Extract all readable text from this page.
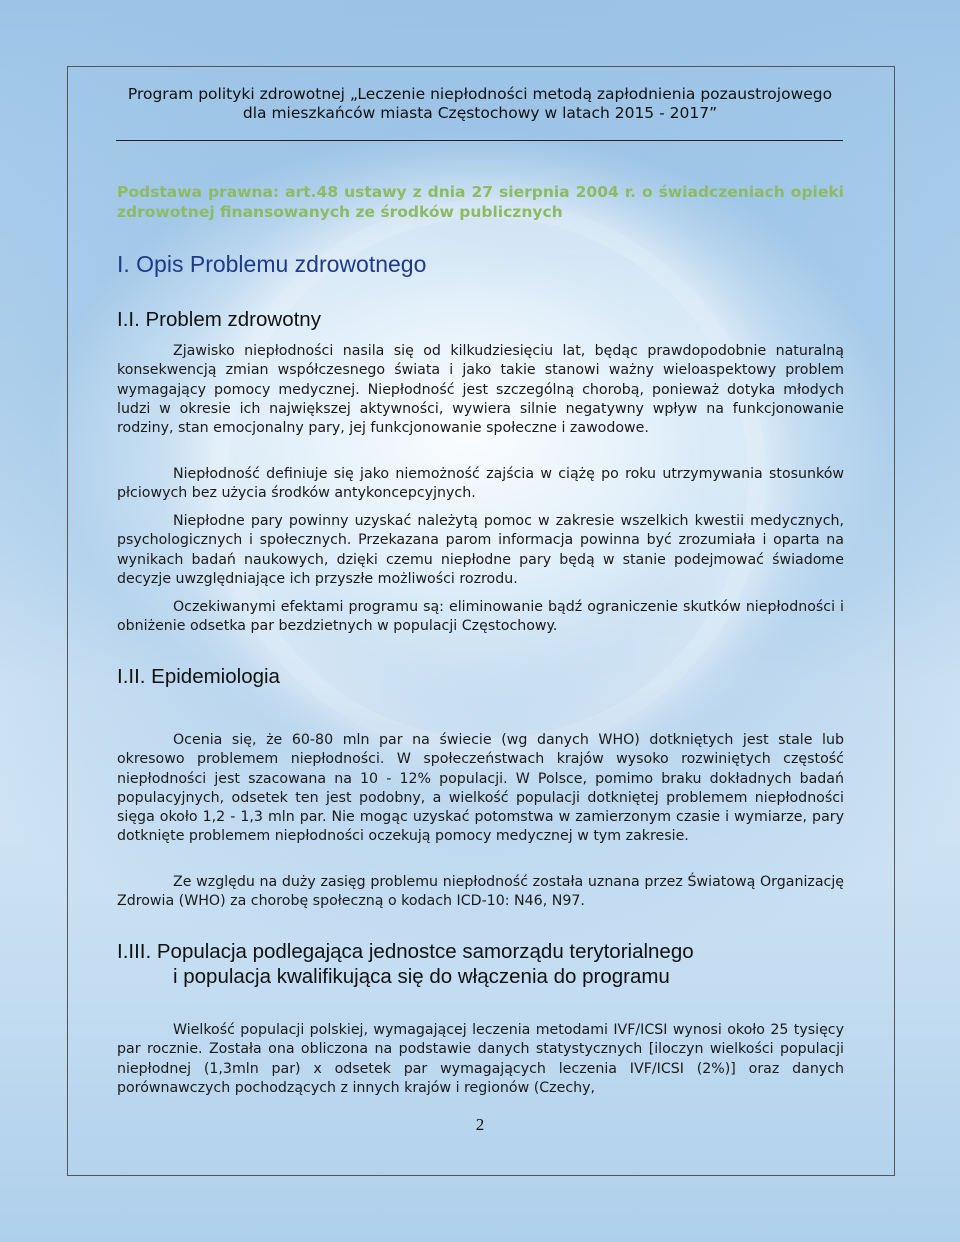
Program polityki zdrowotnej „Leczenie niepłodności metodą zapłodnienia pozaustrojowego
dla mieszkańców miasta Częstochowy w latach 2015 - 2017”

Podstawa prawna: art.48 ustawy z dnia 27 sierpnia 2004 r. o świadczeniach opieki zdrowotnej finansowanych ze środków publicznych

I. Opis Problemu zdrowotnego
I.I. Problem zdrowotny

Zjawisko niepłodności nasila się od kilkudziesięciu lat, będąc prawdopodobnie naturalną konsekwencją zmian współczesnego świata i jako takie stanowi ważny wieloaspektowy problem wymagający pomocy medycznej. Niepłodność jest szczególną chorobą, ponieważ dotyka młodych ludzi w okresie ich największej aktywności, wywiera silnie negatywny wpływ na funkcjonowanie rodziny, stan emocjonalny pary, jej funkcjonowanie społeczne i zawodowe.

Niepłodność definiuje się jako niemożność zajścia w ciążę po roku utrzymywania stosunków płciowych bez użycia środków antykoncepcyjnych.

Niepłodne pary powinny uzyskać należytą pomoc w zakresie wszelkich kwestii medycznych, psychologicznych i społecznych. Przekazana parom informacja powinna być zrozumiała i oparta na wynikach badań naukowych, dzięki czemu niepłodne pary będą w stanie podejmować świadome decyzje uwzględniające ich przyszłe możliwości rozrodu.

Oczekiwanymi efektami programu są: eliminowanie bądź ograniczenie skutków niepłodności i obniżenie odsetka par bezdzietnych w populacji Częstochowy.

I.II. Epidemiologia

Ocenia się, że 60-80 mln par na świecie (wg danych WHO) dotkniętych jest stale lub okresowo problemem niepłodności. W społeczeństwach krajów wysoko rozwiniętych częstość niepłodności jest szacowana na 10 - 12% populacji. W Polsce, pomimo braku dokładnych badań populacyjnych, odsetek ten jest podobny, a wielkość populacji dotkniętej problemem niepłodności sięga około 1,2 - 1,3 mln par. Nie mogąc uzyskać potomstwa w zamierzonym czasie i wymiarze, pary dotknięte problemem niepłodności oczekują pomocy medycznej w tym zakresie.

Ze względu na duży zasięg problemu niepłodność została uznana przez Światową Organizację Zdrowia (WHO) za chorobę społeczną o kodach ICD-10: N46, N97.

I.III. Populacja podlegająca jednostce samorządu terytorialnego
i populacja kwalifikująca się do włączenia do programu

Wielkość populacji polskiej, wymagającej leczenia metodami IVF/ICSI wynosi około 25 tysięcy par rocznie. Została ona obliczona na podstawie danych statystycznych [iloczyn wielkości populacji niepłodnej (1,3mln par) x odsetek par wymagających leczenia IVF/ICSI (2%)] oraz danych porównawczych pochodzących z innych krajów i regionów (Czechy,

2
